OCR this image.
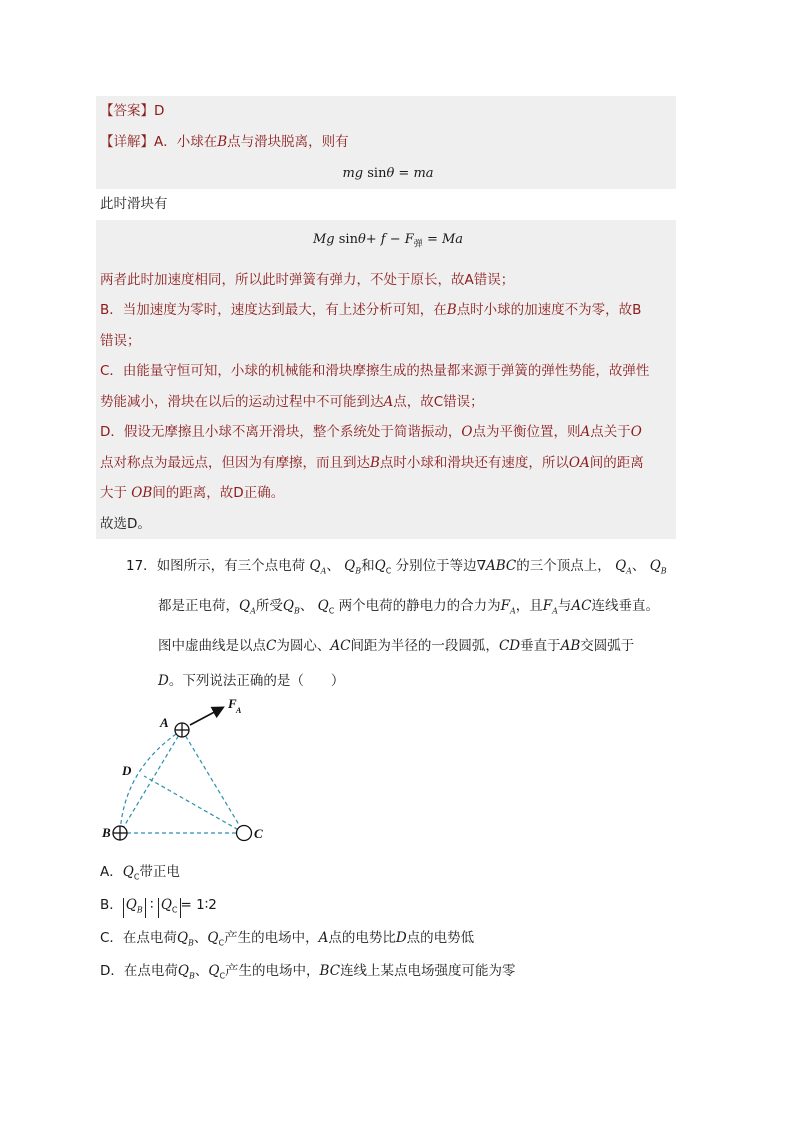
【答案】D
【详解】A．小球在B点与滑块脱离，则有
mg sinθ = ma
此时滑块有
Mg $\sin\theta+ f - F_弹 = Ma$
两者此时加速度相同，所以此时弹簧有弹力，不处于原长，故A错误；
B．当加速度为零时，速度达到最大，有上述分析可知，在B点时小球的加速度不为零，故B
错误；
C．由能量守恒可知，小球的机械能和滑块摩擦生成的热量都来源于弹簧的弹性势能，故弹性
势能减小，滑块在以后的运动过程中不可能到达A点，故C错误；
D．假设无摩擦且小球不离开滑块，整个系统处于简谐振动，O点为平衡位置，则A点关于O
点对称点为最远点，但因为有摩擦，而且到达B点时小球和滑块还有速度，所以OA间的距离
大于 OB间的距离，故D正确。
故选D。
17．如图所示，有三个点电荷 $Q_A$、 $Q_B$和$Q_C$ 分别位于等边∇ABC的三个顶点上， $Q_A$、 $Q_B$
都是正电荷，$Q_A$所受$Q_B$、 $Q_C$ 两个电荷的静电力的合力为$F_A$，且$F_A$与AC连线垂直。
图中虚曲线是以点C为圆心、AC间距为半径的一段圆弧，CD垂直于AB交圆弧于
D。下列说法正确的是（　　）
A
B	C
D
F A
A．$Q_C$带正电
B． $Q_B$ ∶ $Q_C$ = 1∶2
C．在点电荷$Q_B$、$Q_C$产生的电场中，A点的电势比D点的电势低
D．在点电荷$Q_B$、$Q_C$产生的电场中，BC连线上某点电场强度可能为零
